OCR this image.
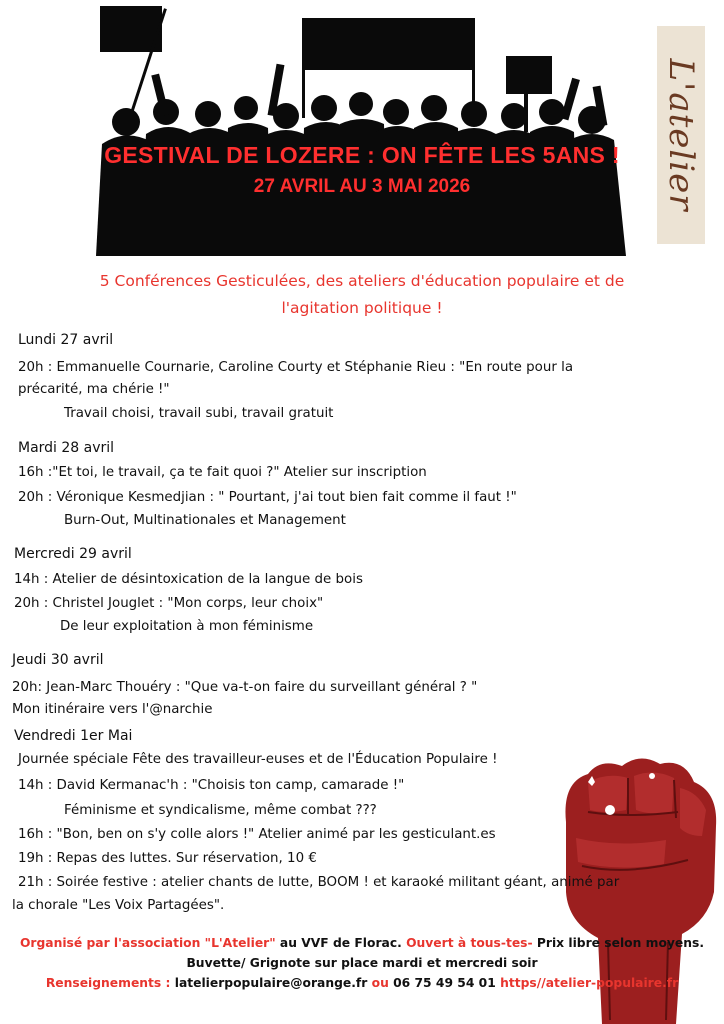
L'atelier
GESTIVAL DE LOZERE : ON FÊTE LES 5ANS !
27 AVRIL AU 3 MAI 2026
5 Conférences Gesticulées, des ateliers d'éducation populaire et de
l'agitation politique !
Lundi 27 avril
20h : Emmanuelle Cournarie, Caroline Courty et Stéphanie Rieu : "En route pour la
précarité, ma chérie !"
Travail choisi, travail subi, travail gratuit
Mardi 28 avril
16h :"Et toi, le travail, ça te fait quoi ?" Atelier sur inscription
20h : Véronique Kesmedjian : " Pourtant, j'ai tout bien fait comme il faut !"
Burn-Out, Multinationales et Management
Mercredi 29 avril
14h : Atelier de désintoxication de la langue de bois
20h : Christel Jouglet : "Mon corps, leur choix"
De leur exploitation à mon féminisme
Jeudi 30 avril
20h: Jean-Marc Thouéry : "Que va-t-on faire du surveillant général ? "
Mon itinéraire vers l'@narchie
Vendredi 1er Mai
Journée spéciale Fête des travailleur-euses et de l'Éducation Populaire !
14h : David Kermanac'h : "Choisis ton camp, camarade !"
Féminisme et syndicalisme, même combat ???
16h : "Bon, ben on s'y colle alors !" Atelier animé par les gesticulant.es
19h : Repas des luttes. Sur réservation, 10 €
21h : Soirée festive : atelier chants de lutte, BOOM ! et karaoké militant géant, animé par
la chorale "Les Voix Partagées".
Organisé par l'association "L'Atelier" au VVF de Florac. Ouvert à tous-tes- Prix libre selon moyens.
Buvette/ Grignote sur place mardi et mercredi soir
Renseignements : latelierpopulaire@orange.fr ou 06 75 49 54 01 https//atelier-populaire.fr
